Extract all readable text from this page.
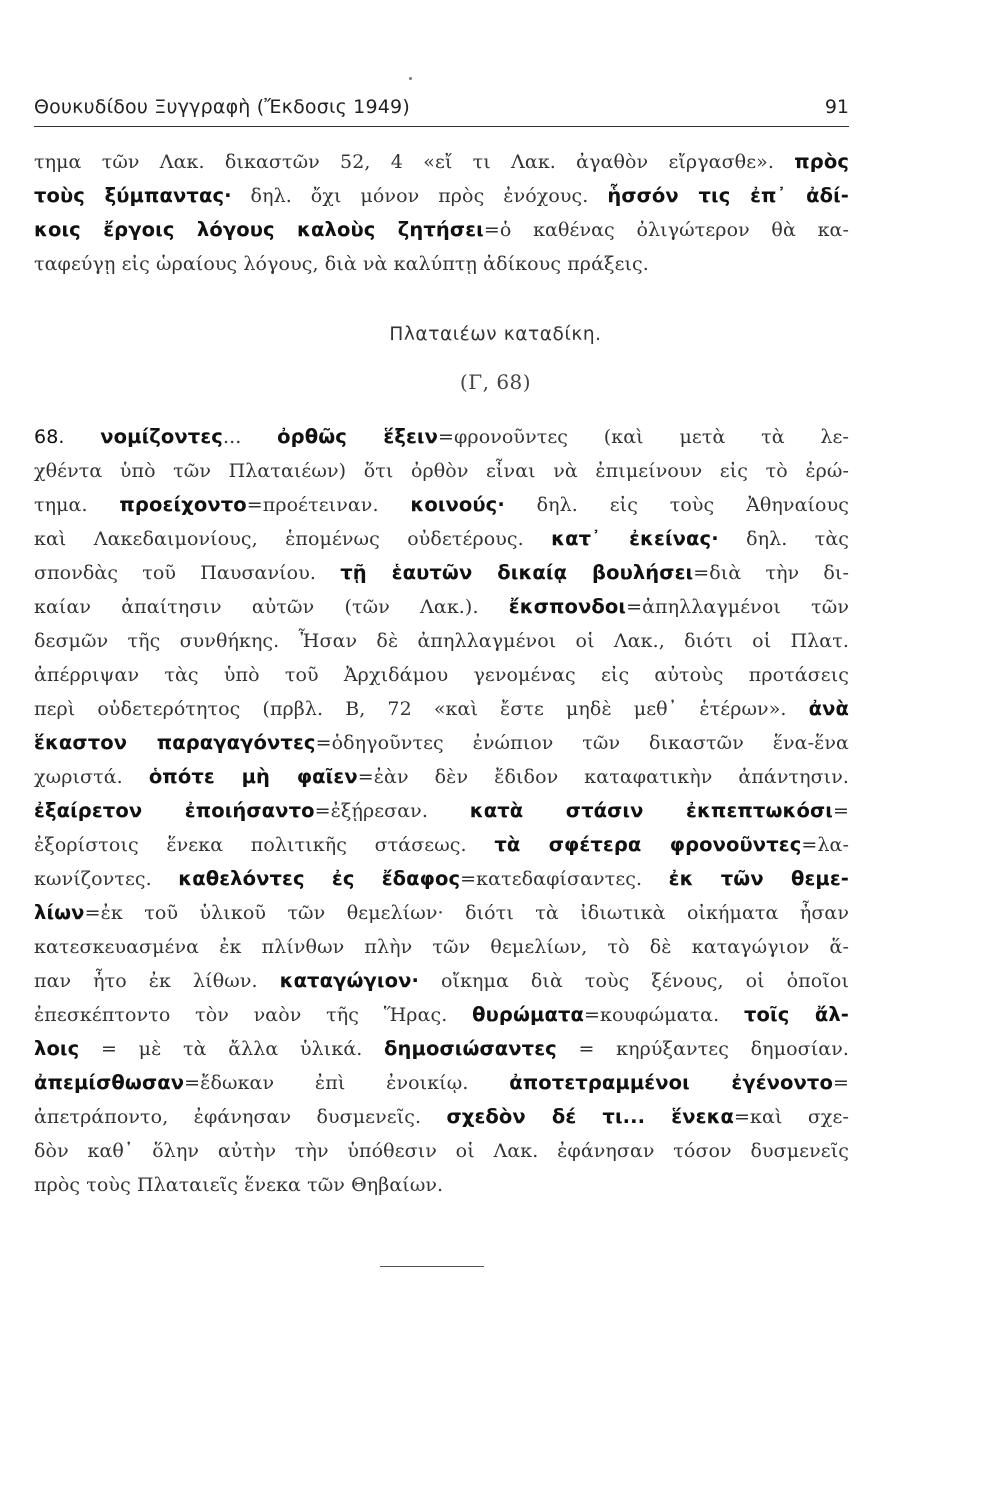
Θουκυδίδου Ξυγγραφὴ (Ἔκδοσις 1949)	91
τημα τῶν Λακ. δικαστῶν 52, 4 «εἴ τι Λακ. ἀγαθὸν εἴργασθε». πρὸς
τοὺς ξύμπαντας· δηλ. ὄχι μόνον πρὸς ἐνόχους. ἧσσόν τις ἐπ᾽ ἀδί-
κοις ἔργοις λόγους καλοὺς ζητήσει=ὁ καθένας ὀλιγώτερον θὰ κα-
ταφεύγῃ εἰς ὡραίους λόγους, διὰ νὰ καλύπτῃ ἀδίκους πράξεις.
Πλαταιέων καταδίκη.
(Γ, 68)
68. νομίζοντες... ὀρθῶς ἕξειν=φρονοῦντες (καὶ μετὰ τὰ λε-
χθέντα ὑπὸ τῶν Πλαταιέων) ὅτι ὀρθὸν εἶναι νὰ ἐπιμείνουν εἰς τὸ ἐρώ-
τημα. προείχοντο=προέτειναν. κοινούς· δηλ. εἰς τοὺς Ἀθηναίους
καὶ Λακεδαιμονίους, ἑπομένως οὐδετέρους. κατ᾽ ἐκείνας· δηλ. τὰς
σπονδὰς τοῦ Παυσανίου. τῇ ἑαυτῶν δικαίᾳ βουλήσει=διὰ τὴν δι-
καίαν ἀπαίτησιν αὐτῶν (τῶν Λακ.). ἔκσπονδοι=ἀπηλλαγμένοι τῶν
δεσμῶν τῆς συνθήκης. Ἦσαν δὲ ἀπηλλαγμένοι οἱ Λακ., διότι οἱ Πλατ.
ἀπέρριψαν τὰς ὑπὸ τοῦ Ἀρχιδάμου γενομένας εἰς αὐτοὺς προτάσεις
περὶ οὐδετερότητος (πρβλ. Β, 72 «καὶ ἔστε μηδὲ μεθ᾽ ἑτέρων». ἀνὰ
ἕκαστον παραγαγόντες=ὁδηγοῦντες ἐνώπιον τῶν δικαστῶν ἕνα-ἕνα
χωριστά. ὁπότε μὴ φαῖεν=ἐὰν δὲν ἔδιδον καταφατικὴν ἀπάντησιν.
ἐξαίρετον ἐποιήσαντο=ἐξῄρεσαν. κατὰ στάσιν ἐκπεπτωκόσι=
ἐξορίστοις ἕνεκα πολιτικῆς στάσεως. τὰ σφέτερα φρονοῦντες=λα-
κωνίζοντες. καθελόντες ἐς ἔδαφος=κατεδαφίσαντες. ἐκ τῶν θεμε-
λίων=ἐκ τοῦ ὑλικοῦ τῶν θεμελίων· διότι τὰ ἰδιωτικὰ οἰκήματα ἦσαν
κατεσκευασμένα ἐκ πλίνθων πλὴν τῶν θεμελίων, τὸ δὲ καταγώγιον ἅ-
παν ἦτο ἐκ λίθων. καταγώγιον· οἴκημα διὰ τοὺς ξένους, οἱ ὁποῖοι
ἐπεσκέπτοντο τὸν ναὸν τῆς Ἥρας. θυρώματα=κουφώματα. τοῖς ἄλ-
λοις = μὲ τὰ ἄλλα ὑλικά. δημοσιώσαντες = κηρύξαντες δημοσίαν.
ἀπεμίσθωσαν=ἔδωκαν ἐπὶ ἐνοικίῳ. ἀποτετραμμένοι ἐγένοντο=
ἀπετράποντο, ἐφάνησαν δυσμενεῖς. σχεδὸν δέ τι... ἕνεκα=καὶ σχε-
δὸν καθ᾽ ὅλην αὐτὴν τὴν ὑπόθεσιν οἱ Λακ. ἐφάνησαν τόσον δυσμενεῖς
πρὸς τοὺς Πλαταιεῖς ἕνεκα τῶν Θηβαίων.
